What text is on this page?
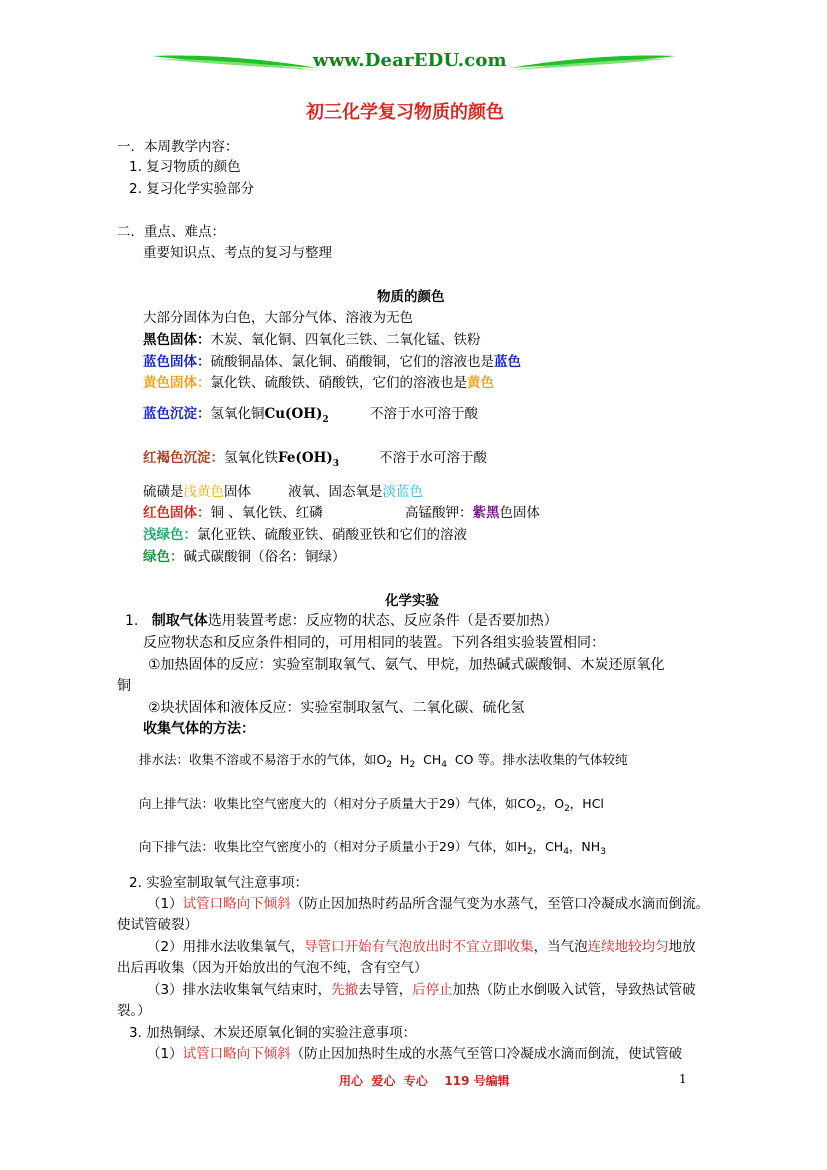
www.DearEDU.com
初三化学复习物质的颜色
一．本周教学内容：
1. 复习物质的颜色
2. 复习化学实验部分
二．重点、难点：
重要知识点、考点的复习与整理
物质的颜色
大部分固体为白色，大部分气体、溶液为无色
黑色固体：木炭、氧化铜、四氧化三铁、二氧化锰、铁粉
蓝色固体：硫酸铜晶体、氯化铜、硝酸铜，它们的溶液也是蓝色
黄色固体：氯化铁、硫酸铁、硝酸铁，它们的溶液也是黄色
蓝色沉淀：氢氧化铜$Cu(OH)_2$	不溶于水可溶于酸
红褐色沉淀：氢氧化铁$Fe(OH)_3$	不溶于水可溶于酸
硫磺是浅黄色固体	液氧、固态氧是淡蓝色
红色固体：铜 、氧化铁、红磷	高锰酸钾：紫黑色固体
浅绿色：氯化亚铁、硫酸亚铁、硝酸亚铁和它们的溶液
绿色：碱式碳酸铜（俗名：铜绿）
化学实验
1. 制取气体选用装置考虑：反应物的状态、反应条件（是否要加热）
反应物状态和反应条件相同的，可用相同的装置。下列各组实验装置相同：
①加热固体的反应：实验室制取氧气、氨气、甲烷，加热碱式碳酸铜、木炭还原氧化
铜
②块状固体和液体反应：实验室制取氢气、二氧化碳、硫化氢
收集气体的方法：
排水法：收集不溶或不易溶于水的气体，如$O_2$  $H_2$  $CH_4$  CO 等。排水法收集的气体较纯
向上排气法：收集比空气密度大的（相对分子质量大于29）气体，如$CO_2$，$O_2$，HCl
向下排气法：收集比空气密度小的（相对分子质量小于29）气体，如$H_2$，$CH_4$，$NH_3$
2. 实验室制取氧气注意事项：
（1）试管口略向下倾斜（防止因加热时药品所含湿气变为水蒸气，至管口冷凝成水滴而倒流。
使试管破裂）
（2）用排水法收集氧气，导管口开始有气泡放出时不宜立即收集，当气泡连续地较均匀地放
出后再收集（因为开始放出的气泡不纯，含有空气）
（3）排水法收集氧气结束时，先撤去导管，后停止加热（防止水倒吸入试管，导致热试管破
裂。）
3. 加热铜绿、木炭还原氧化铜的实验注意事项：
（1）试管口略向下倾斜（防止因加热时生成的水蒸气至管口冷凝成水滴而倒流，使试管破
用心  爱心  专心    119 号编辑	1
